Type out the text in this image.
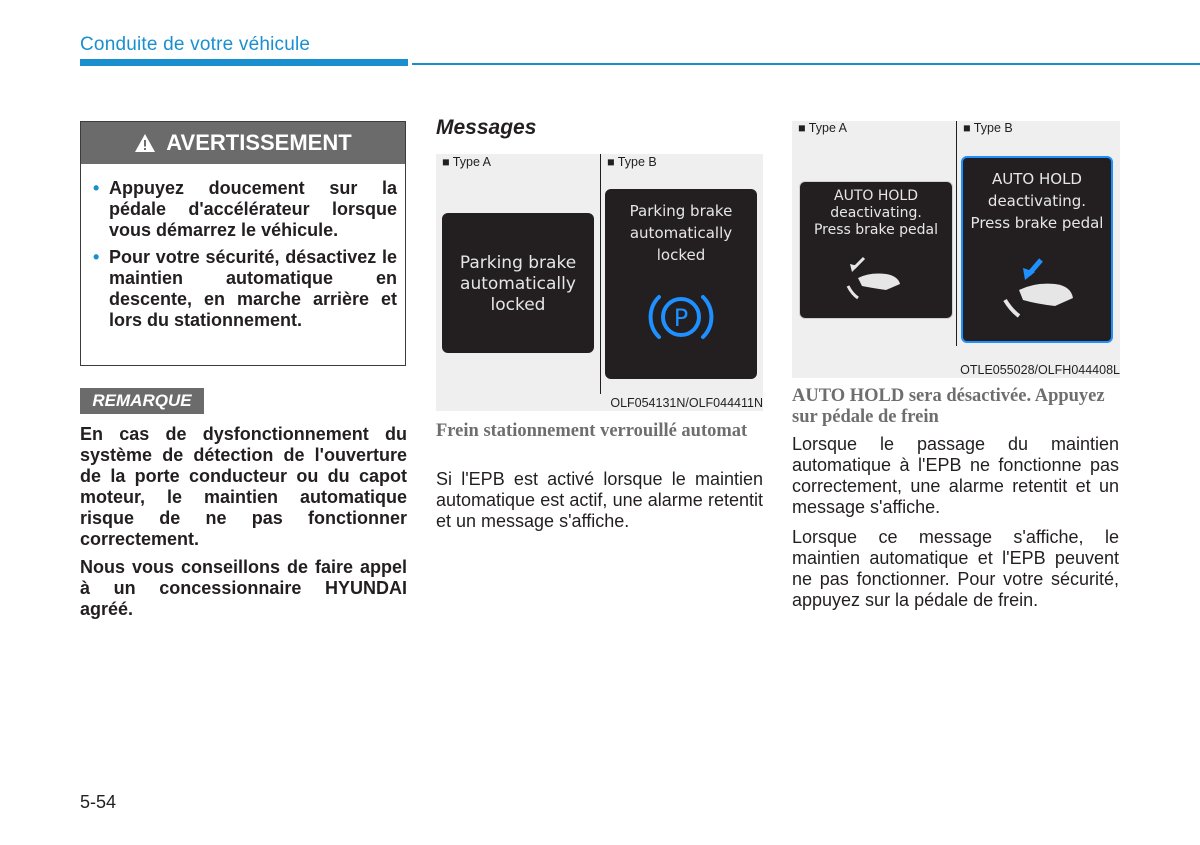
Conduite de votre véhicule
AVERTISSEMENT
• Appuyez doucement sur la pédale d'accélérateur lorsque vous démarrez le véhicule.
• Pour votre sécurité, désactivez le maintien automatique en descente, en marche arrière et lors du stationnement.
REMARQUE

En cas de dysfonctionnement du système de détection de l'ouverture de la porte conducteur ou du capot moteur, le maintien automatique risque de ne pas fonctionner correctement.

Nous vous conseillons de faire appel à un concessionnaire HYUNDAI agréé.

Messages
■ Type A	■ Type B
Parking brake
automatically
locked
Parking brake
automatically
locked
P
OLF054131N/OLF044411N
Frein stationnement verrouillé automat

Si l'EPB est activé lorsque le maintien automatique est actif, une alarme retentit et un message s'affiche.

■ Type A	■ Type B
AUTO HOLD
deactivating.
Press brake pedal
AUTO HOLD
deactivating.
Press brake pedal
OTLE055028/OLFH044408L
AUTO HOLD sera désactivée. Appuyez sur pédale de frein

Lorsque le passage du maintien automatique à l'EPB ne fonctionne pas correctement, une alarme retentit et un message s'affiche.

Lorsque ce message s'affiche, le maintien automatique et l'EPB peuvent ne pas fonctionner. Pour votre sécurité, appuyez sur la pédale de frein.

5-54
